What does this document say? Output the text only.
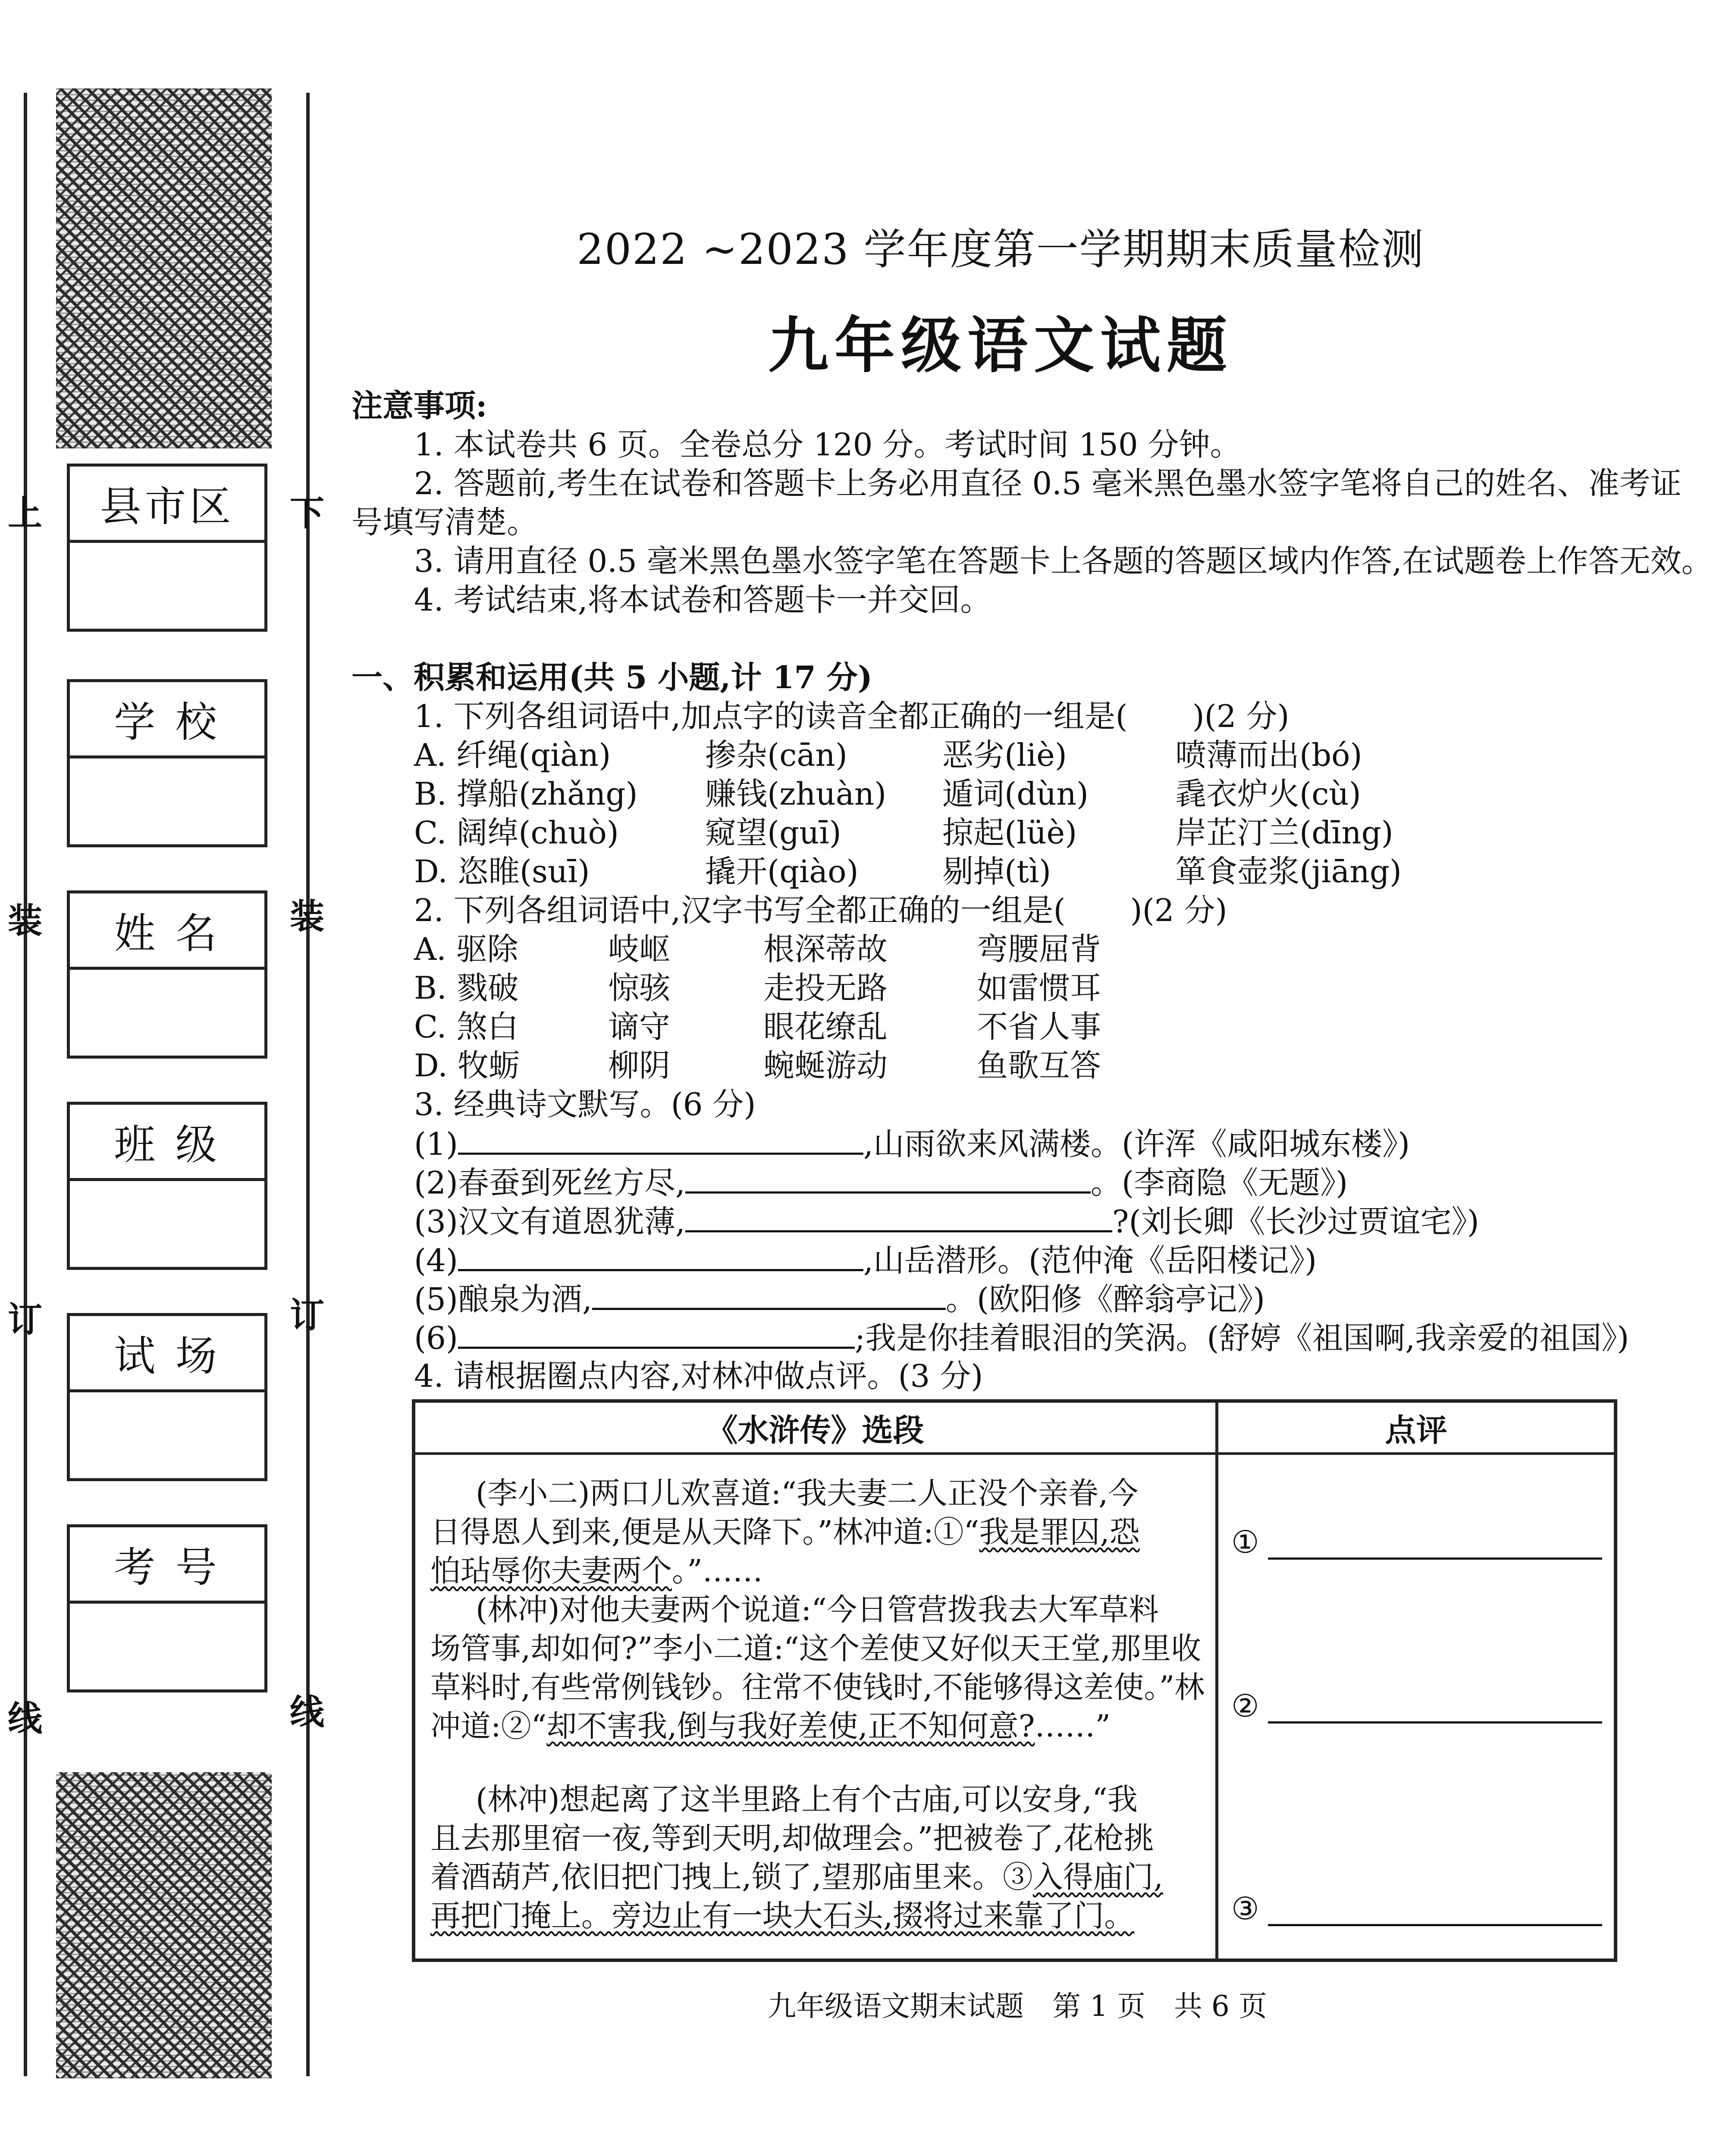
上
装
订
线
下
装
订
线
县市区
学 校
姓 名
班 级
试 场
考 号
2022 ~2023 学年度第一学期期末质量检测
九年级语文试题
注意事项:
1. 本试卷共 6 页。全卷总分 120 分。考试时间 150 分钟。
2. 答题前,考生在试卷和答题卡上务必用直径 0.5 毫米黑色墨水签字笔将自己的姓名、准考证
号填写清楚。
3. 请用直径 0.5 毫米黑色墨水签字笔在答题卡上各题的答题区域内作答,在试题卷上作答无效。
4. 考试结束,将本试卷和答题卡一并交回。
一、积累和运用(共 5 小题,计 17 分)
1. 下列各组词语中,加点字的读音全都正确的一组是( )(2 分)
A. 纤绳(qiàn)	掺杂(cān)	恶劣(liè)	喷薄而出(bó)
B. 撑船(zhǎng) 赚钱(zhuàn) 遁词(dùn)	毳衣炉火(cù)
C. 阔绰(chuò)	窥望(guī)	掠起(lüè)	岸芷汀兰(dīng)
D. 恣睢(suī)	撬开(qiào)	剔掉(tì)	箪食壶浆(jiāng)
2. 下列各组词语中,汉字书写全都正确的一组是( )(2 分)
A. 驱除	岐岖	根深蒂故	弯腰屈背
B. 戮破	惊骇	走投无路	如雷惯耳
C. 煞白	谪守	眼花缭乱	不省人事
D. 牧蛎	柳阴	蜿蜒游动	鱼歌互答
3. 经典诗文默写。(6 分)
(1)	,山雨欲来风满楼。(许浑《咸阳城东楼》)
(2)春蚕到死丝方尽,	。(李商隐《无题》)
(3)汉文有道恩犹薄,	?(刘长卿《长沙过贾谊宅》)
(4)	,山岳潜形。(范仲淹《岳阳楼记》)
(5)酿泉为酒,	。(欧阳修《醉翁亭记》)
(6)	;我是你挂着眼泪的笑涡。(舒婷《祖国啊,我亲爱的祖国》)
4. 请根据圈点内容,对林冲做点评。(3 分)
《水浒传》选段	点评
(李小二)两口儿欢喜道:“我夫妻二人正没个亲眷,今
日得恩人到来,便是从天降下。”林冲道:①“我是罪囚,恐
怕玷辱你夫妻两个。”……
(林冲)对他夫妻两个说道:“今日管营拨我去大军草料
场管事,却如何?”李小二道:“这个差使又好似天王堂,那里收
草料时,有些常例钱钞。往常不使钱时,不能够得这差使。”林
冲道:②“却不害我,倒与我好差使,正不知何意?……”
(林冲)想起离了这半里路上有个古庙,可以安身,“我
且去那里宿一夜,等到天明,却做理会。”把被卷了,花枪挑
着酒葫芦,依旧把门拽上,锁了,望那庙里来。③入得庙门,
再把门掩上。旁边止有一块大石头,掇将过来靠了门。
①
②
③
九年级语文期末试题　第 1 页　共 6 页
